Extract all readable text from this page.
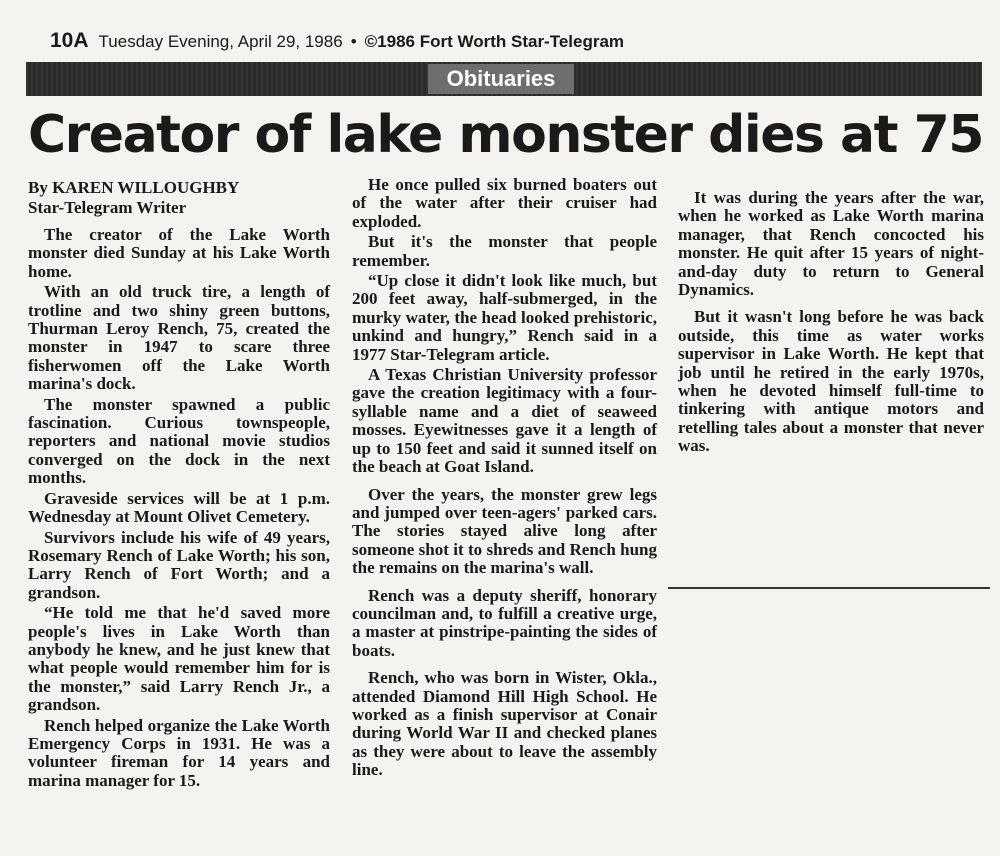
10A Tuesday Evening, April 29, 1986 • ©1986 Fort Worth Star-Telegram
Obituaries
Creator of lake monster dies at 75
By KAREN WILLOUGHBY
Star-Telegram Writer

The creator of the Lake Worth monster died Sunday at his Lake Worth home.

With an old truck tire, a length of trotline and two shiny green buttons, Thurman Leroy Rench, 75, created the monster in 1947 to scare three fisherwomen off the Lake Worth marina's dock.

The monster spawned a public fascination. Curious townspeople, reporters and national movie studios converged on the dock in the next months.

Graveside services will be at 1 p.m. Wednesday at Mount Olivet Cemetery.

Survivors include his wife of 49 years, Rosemary Rench of Lake Worth; his son, Larry Rench of Fort Worth; and a grandson.

“He told me that he'd saved more people's lives in Lake Worth than anybody he knew, and he just knew that what people would remember him for is the monster,” said Larry Rench Jr., a grandson.

Rench helped organize the Lake Worth Emergency Corps in 1931. He was a volunteer fireman for 14 years and marina manager for 15.

He once pulled six burned boaters out of the water after their cruiser had exploded.

But it's the monster that people remember.

“Up close it didn't look like much, but 200 feet away, half-submerged, in the murky water, the head looked prehistoric, unkind and hungry,” Rench said in a 1977 Star-Telegram article.

A Texas Christian University professor gave the creation legitimacy with a four-syllable name and a diet of seaweed mosses. Eyewitnesses gave it a length of up to 150 feet and said it sunned itself on the beach at Goat Island.

Over the years, the monster grew legs and jumped over teen-agers' parked cars. The stories stayed alive long after someone shot it to shreds and Rench hung the remains on the marina's wall.

Rench was a deputy sheriff, honorary councilman and, to fulfill a creative urge, a master at pinstripe-painting the sides of boats.

Rench, who was born in Wister, Okla., attended Diamond Hill High School. He worked as a finish supervisor at Conair during World War II and checked planes as they were about to leave the assembly line.

It was during the years after the war, when he worked as Lake Worth marina manager, that Rench concocted his monster. He quit after 15 years of night-and-day duty to return to General Dynamics.

But it wasn't long before he was back outside, this time as water works supervisor in Lake Worth. He kept that job until he retired in the early 1970s, when he devoted himself full-time to tinkering with antique motors and retelling tales about a monster that never was.
